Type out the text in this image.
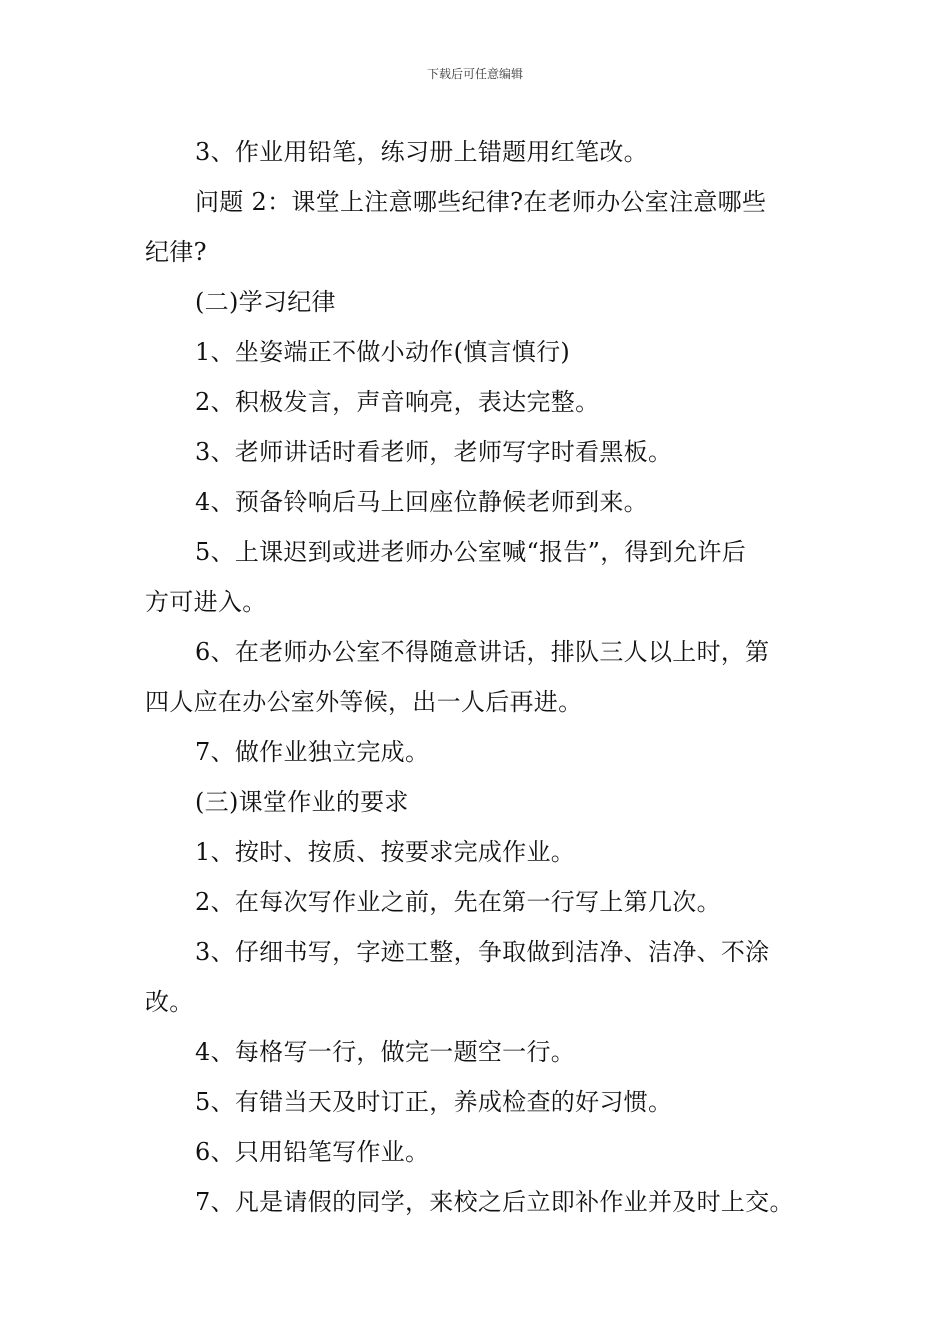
下载后可任意编辑
3、作业用铅笔，练习册上错题用红笔改。
问题 2：课堂上注意哪些纪律?在老师办公室注意哪些
纪律?
(二)学习纪律
1、坐姿端正不做小动作(慎言慎行)
2、积极发言，声音响亮，表达完整。
3、老师讲话时看老师，老师写字时看黑板。
4、预备铃响后马上回座位静候老师到来。
5、上课迟到或进老师办公室喊“报告”，得到允许后
方可进入。
6、在老师办公室不得随意讲话，排队三人以上时，第
四人应在办公室外等候，出一人后再进。
7、做作业独立完成。
(三)课堂作业的要求
1、按时、按质、按要求完成作业。
2、在每次写作业之前，先在第一行写上第几次。
3、仔细书写，字迹工整，争取做到洁净、洁净、不涂
改。
4、每格写一行，做完一题空一行。
5、有错当天及时订正，养成检查的好习惯。
6、只用铅笔写作业。
7、凡是请假的同学，来校之后立即补作业并及时上交。
